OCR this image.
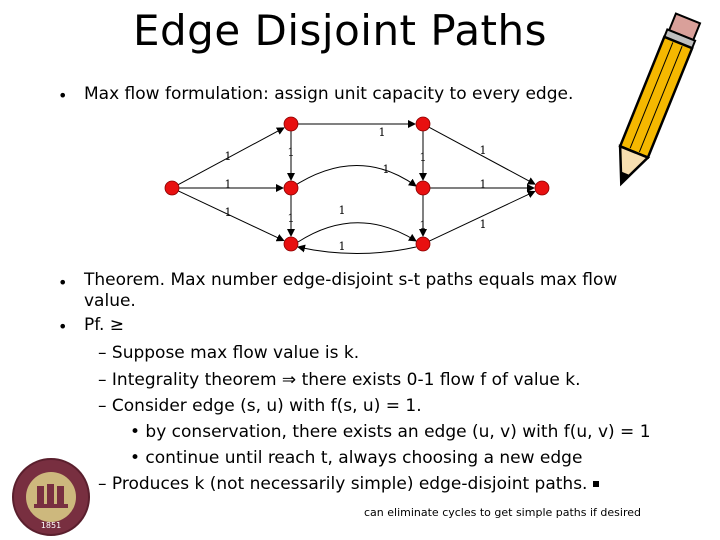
Edge Disjoint Paths
• Max flow formulation: assign unit capacity to every edge.
1
1
1
1
1
1
1
1
1
1
1
1
1
1
• Theorem. Max number edge-disjoint s-t paths equals max flow
value.
• Pf. ≥
– Suppose max flow value is k.
– Integrality theorem ⇒ there exists 0-1 flow f of value k.
– Consider edge (s, u) with f(s, u) = 1.
• by conservation, there exists an edge (u, v) with f(u, v) = 1
• continue until reach t, always choosing a new edge
– Produces k (not necessarily simple) edge-disjoint paths.
can eliminate cycles to get simple paths if desired
1851
